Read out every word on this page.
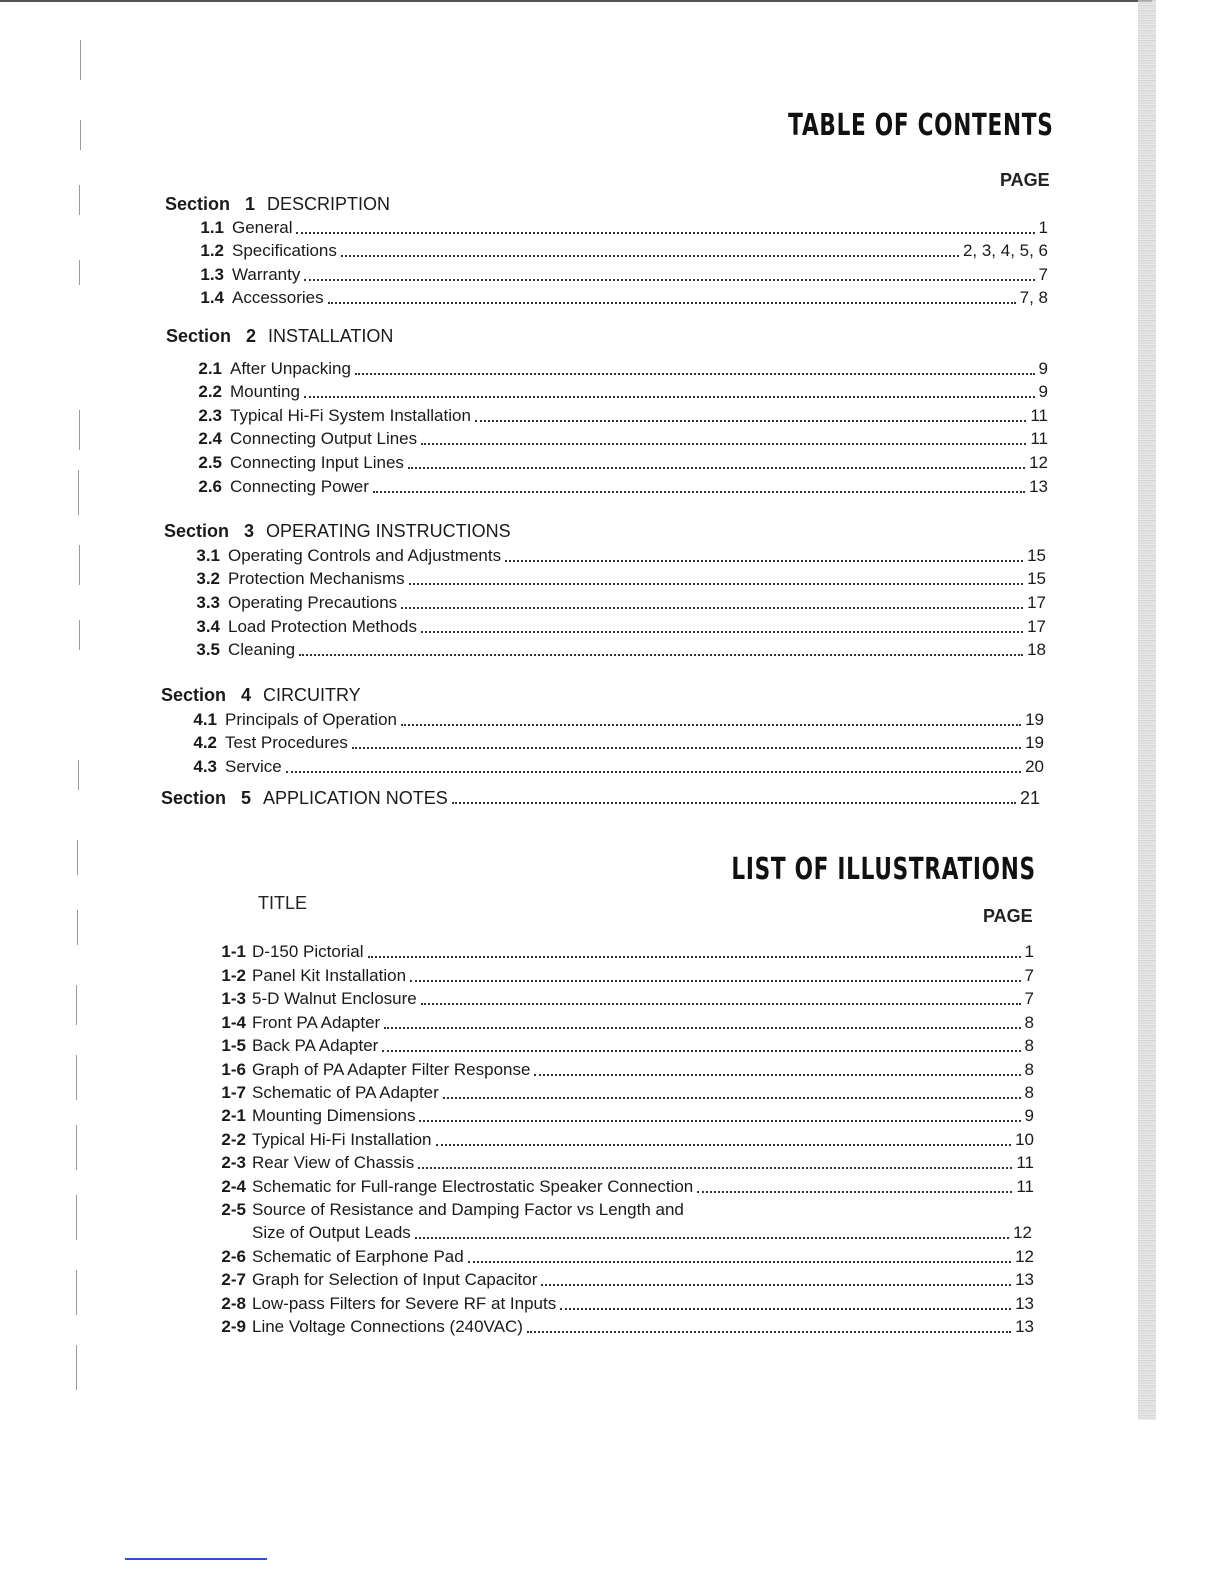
TABLE OF CONTENTS
PAGE
Section 1 DESCRIPTION
1.1 General	1
1.2 Specifications	2, 3, 4, 5, 6
1.3 Warranty	7
1.4 Accessories	7, 8
Section 2 INSTALLATION
2.1 After Unpacking	9
2.2 Mounting	9
2.3 Typical Hi-Fi System Installation	11
2.4 Connecting Output Lines	11
2.5 Connecting Input Lines	12
2.6 Connecting Power	13
Section 3 OPERATING INSTRUCTIONS
3.1 Operating Controls and Adjustments	15
3.2 Protection Mechanisms	15
3.3 Operating Precautions	17
3.4 Load Protection Methods	17
3.5 Cleaning	18
Section 4 CIRCUITRY
4.1 Principals of Operation	19
4.2 Test Procedures	19
4.3 Service	20
Section 5 APPLICATION NOTES	21
LIST OF ILLUSTRATIONS
TITLE
PAGE
1-1 D-150 Pictorial	1
1-2 Panel Kit Installation	7
1-3 5-D Walnut Enclosure	7
1-4 Front PA Adapter	8
1-5 Back PA Adapter	8
1-6 Graph of PA Adapter Filter Response	8
1-7 Schematic of PA Adapter	8
2-1 Mounting Dimensions	9
2-2 Typical Hi-Fi Installation	10
2-3 Rear View of Chassis	11
2-4 Schematic for Full-range Electrostatic Speaker Connection	11
2-5 Source of Resistance and Damping Factor vs Length and
Size of Output Leads	12
2-6 Schematic of Earphone Pad	12
2-7 Graph for Selection of Input Capacitor	13
2-8 Low-pass Filters for Severe RF at Inputs	13
2-9 Line Voltage Connections (240VAC)	13
